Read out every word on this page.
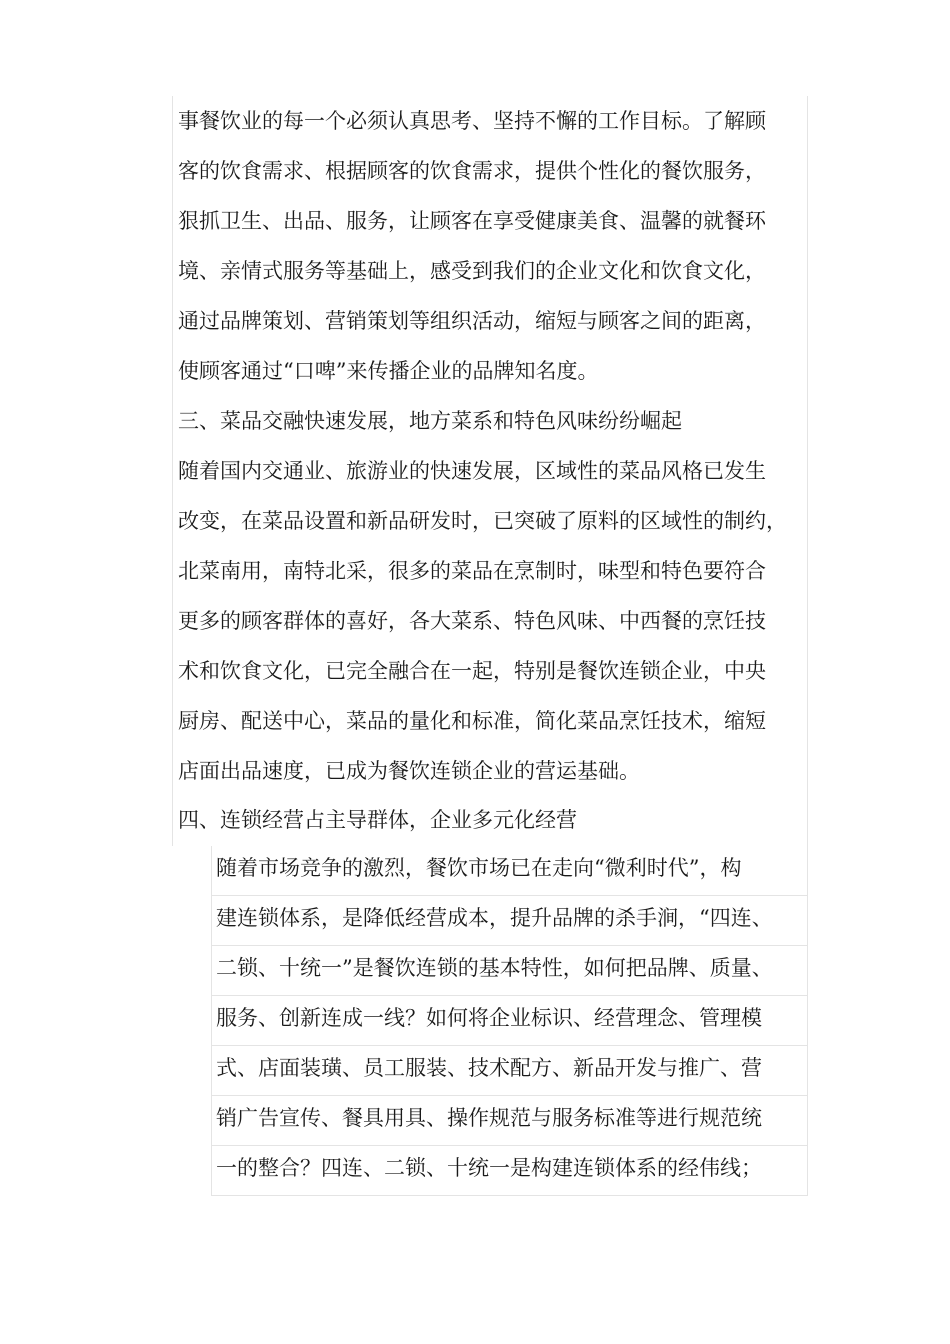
事餐饮业的每一个必须认真思考、坚持不懈的工作目标。了解顾
客的饮食需求、根据顾客的饮食需求，提供个性化的餐饮服务，
狠抓卫生、出品、服务，让顾客在享受健康美食、温馨的就餐环
境、亲情式服务等基础上，感受到我们的企业文化和饮食文化，
通过品牌策划、营销策划等组织活动，缩短与顾客之间的距离，
使顾客通过“口啤”来传播企业的品牌知名度。
三、菜品交融快速发展，地方菜系和特色风味纷纷崛起
随着国内交通业、旅游业的快速发展，区域性的菜品风格已发生
改变，在菜品设置和新品研发时，已突破了原料的区域性的制约，
北菜南用，南特北采，很多的菜品在烹制时，味型和特色要符合
更多的顾客群体的喜好，各大菜系、特色风味、中西餐的烹饪技
术和饮食文化，已完全融合在一起，特别是餐饮连锁企业，中央
厨房、配送中心，菜品的量化和标准，简化菜品烹饪技术，缩短
店面出品速度，已成为餐饮连锁企业的营运基础。
四、连锁经营占主导群体，企业多元化经营
随着市场竞争的激烈，餐饮市场已在走向“微利时代”，构
建连锁体系，是降低经营成本，提升品牌的杀手涧，“四连、
二锁、十统一”是餐饮连锁的基本特性，如何把品牌、质量、
服务、创新连成一线？如何将企业标识、经营理念、管理模
式、店面装璜、员工服装、技术配方、新品开发与推广、营
销广告宣传、餐具用具、操作规范与服务标准等进行规范统
一的整合？四连、二锁、十统一是构建连锁体系的经伟线；
